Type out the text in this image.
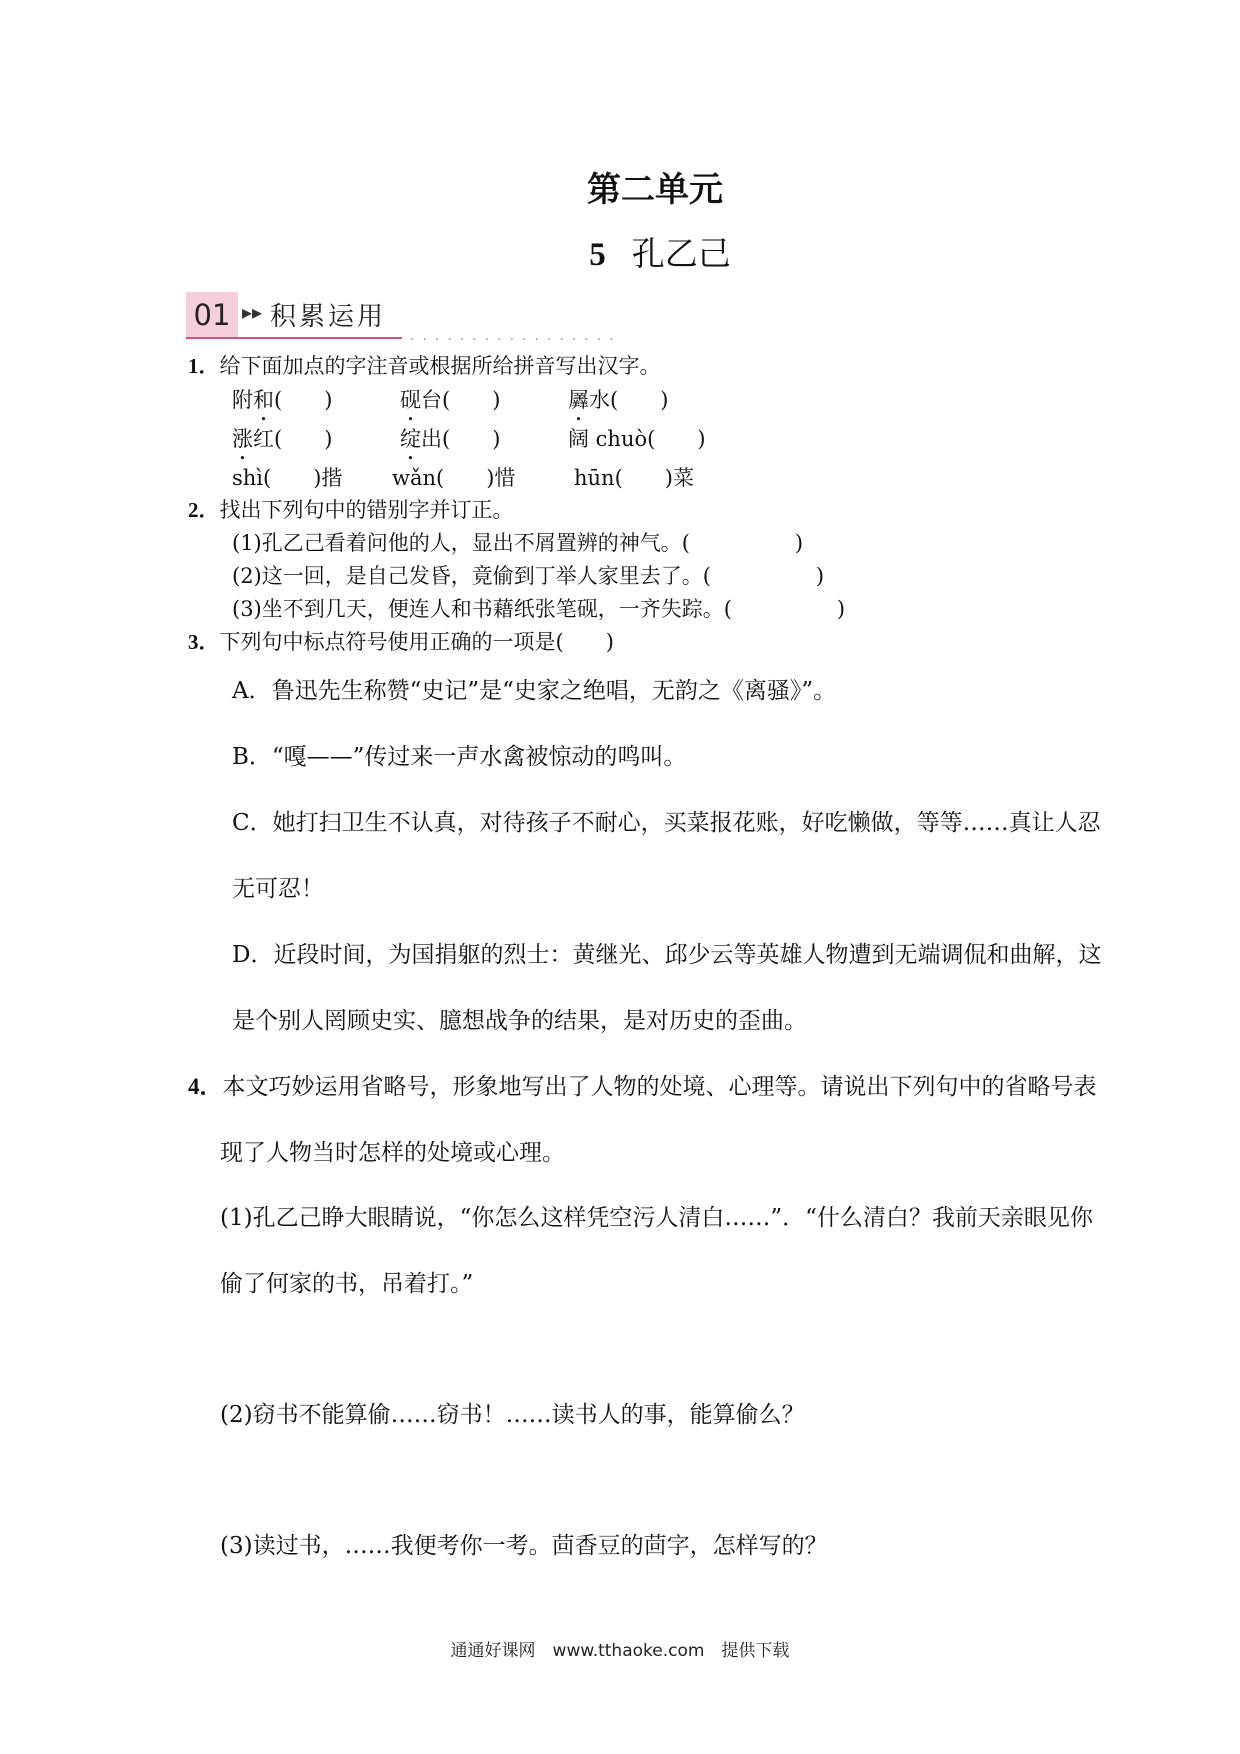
第二单元
5 孔乙己
01 ▸▸ 积累运用
·················
1．给下面加点的字注音或根据所给拼音写出汉字。
附和(　　)	砚台(　　)	羼水(　　)
涨红(　　)	绽出(　　)	阔 chuò(　　)
shì(　　)揩 wǎn(　　)惜	hūn(　　)菜
2．找出下列句中的错别字并订正。
(1)孔乙己看着问他的人，显出不屑置辨的神气。(　　　　　)
(2)这一回，是自己发昏，竟偷到丁举人家里去了。(　　　　　)
(3)坐不到几天，便连人和书藉纸张笔砚，一齐失踪。(　　　　　)
3．下列句中标点符号使用正确的一项是(　　)
A．鲁迅先生称赞“史记”是“史家之绝唱，无韵之《离骚》”。
B．“嘎——”传过来一声水禽被惊动的鸣叫。
C．她打扫卫生不认真，对待孩子不耐心，买菜报花账，好吃懒做，等等……真让人忍
无可忍！
D．近段时间，为国捐躯的烈士：黄继光、邱少云等英雄人物遭到无端调侃和曲解，这
是个别人罔顾史实、臆想战争的结果，是对历史的歪曲。
4．本文巧妙运用省略号，形象地写出了人物的处境、心理等。请说出下列句中的省略号表
现了人物当时怎样的处境或心理。
(1)孔乙己睁大眼睛说，“你怎么这样凭空污人清白……”．“什么清白？我前天亲眼见你
偷了何家的书，吊着打。”
(2)窃书不能算偷……窃书！……读书人的事，能算偷么？
(3)读过书，……我便考你一考。茴香豆的茴字，怎样写的？
通通好课网　www.tthaoke.com　提供下载
